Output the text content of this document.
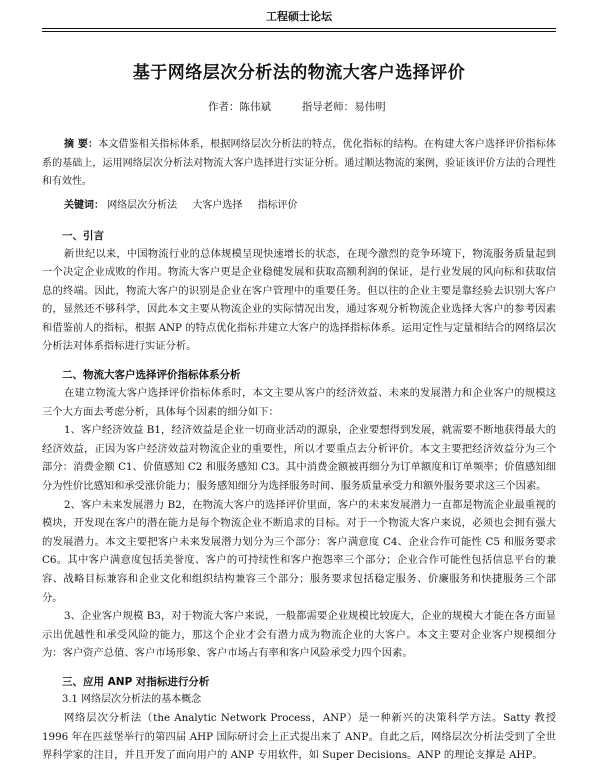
工程硕士论坛
基于网络层次分析法的物流大客户选择评价
作者：陈伟斌	指导老师：易伟明
摘 要：本文借鉴相关指标体系，根据网络层次分析法的特点，优化指标的结构。在构建大客户选择评价指标体系的基础上，运用网络层次分析法对物流大客户选择进行实证分析。通过顺达物流的案例，验证该评价方法的合理性和有效性。
关键词： 网络层次分析法 大客户选择 指标评价
一、引言

新世纪以来，中国物流行业的总体规模呈现快速增长的状态，在现今激烈的竞争环境下，物流服务质量起到一个决定企业成败的作用。物流大客户更是企业稳健发展和获取高额利润的保证，是行业发展的风向标和获取信息的终端。因此，物流大客户的识别是企业在客户管理中的重要任务。但以往的企业主要是靠经验去识别大客户的，显然还不够科学，因此本文主要从物流企业的实际情况出发，通过客观分析物流企业选择大客户的参考因素和借鉴前人的指标，根据 ANP 的特点优化指标并建立大客户的选择指标体系。运用定性与定量相结合的网络层次分析法对体系指标进行实证分析。

二、物流大客户选择评价指标体系分析

在建立物流大客户选择评价指标体系时，本文主要从客户的经济效益、未来的发展潜力和企业客户的规模这三个大方面去考虑分析，具体每个因素的细分如下：

1、客户经济效益 B1，经济效益是企业一切商业活动的源泉，企业要想得到发展，就需要不断地获得最大的经济效益，正因为客户经济效益对物流企业的重要性，所以才要重点去分析评价。本文主要把经济效益分为三个部分：消费金额 C1、价值感知 C2 和服务感知 C3。其中消费金额被再细分为订单额度和订单频率；价值感知细分为性价比感知和承受涨价能力；服务感知细分为选择服务时间、服务质量承受力和额外服务要求这三个因素。

2、客户未来发展潜力 B2，在物流大客户的选择评价里面，客户的未来发展潜力一直都是物流企业最重视的模块，开发现在客户的潜在能力是每个物流企业不断追求的目标。对于一个物流大客户来说，必须也会拥有强大的发展潜力。本文主要把客户未来发展潜力划分为三个部分：客户满意度 C4、企业合作可能性 C5 和服务要求 C6。其中客户满意度包括美誉度、客户的可持续性和客户抱怨率三个部分；企业合作可能性包括信息平台的兼容、战略目标兼容和企业文化和组织结构兼容三个部分；服务要求包括稳定服务、价廉服务和快捷服务三个部分。

3、企业客户规模 B3，对于物流大客户来说，一般都需要企业规模比较庞大，企业的规模大才能在各方面显示出优越性和承受风险的能力，那这个企业才会有潜力成为物流企业的大客户。本文主要对企业客户规模细分为：客户资产总值、客户市场形象、客户市场占有率和客户风险承受力四个因素。

三、应用 ANP 对指标进行分析
3.1 网络层次分析法的基本概念

网络层次分析法（the Analytic Network Process，ANP）是一种新兴的决策科学方法。Satty 教授 1996 年在匹兹堡举行的第四届 AHP 国际研讨会上正式提出来了 ANP。自此之后，网络层次分析法受到了全世界科学家的注目，并且开发了面向用户的 ANP 专用软件，如 Super Decisions。ANP 的理论支撑是 AHP。
